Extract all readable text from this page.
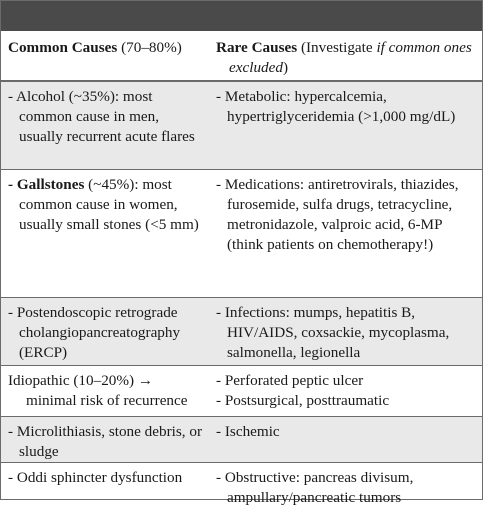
Common Causes (70–80%)	Rare Causes (Investigate if common ones excluded)

- Alcohol (~35%): most common cause in men, usually recurrent acute flares

- Metabolic: hypercalcemia, hypertriglyceridemia (>1,000 mg/dL)

- Gallstones (~45%): most common cause in women, usually small stones (<5 mm)

- Medications: antiretrovirals, thiazides, furosemide, sulfa drugs, tetracycline, metronidazole, valproic acid, 6-MP (think patients on chemotherapy!)

- Postendoscopic retrograde cholangiopancreatography (ERCP)

- Infections: mumps, hepatitis B, HIV/AIDS, coxsackie, mycoplasma, salmonella, legionella

Idiopathic (10–20%) → minimal risk of recurrence

- Perforated peptic ulcer

- Postsurgical, posttraumatic

- Microlithiasis, stone debris, or sludge

- Ischemic

- Oddi sphincter dysfunction	- Obstructive: pancreas divisum, ampullary/pancreatic tumors
